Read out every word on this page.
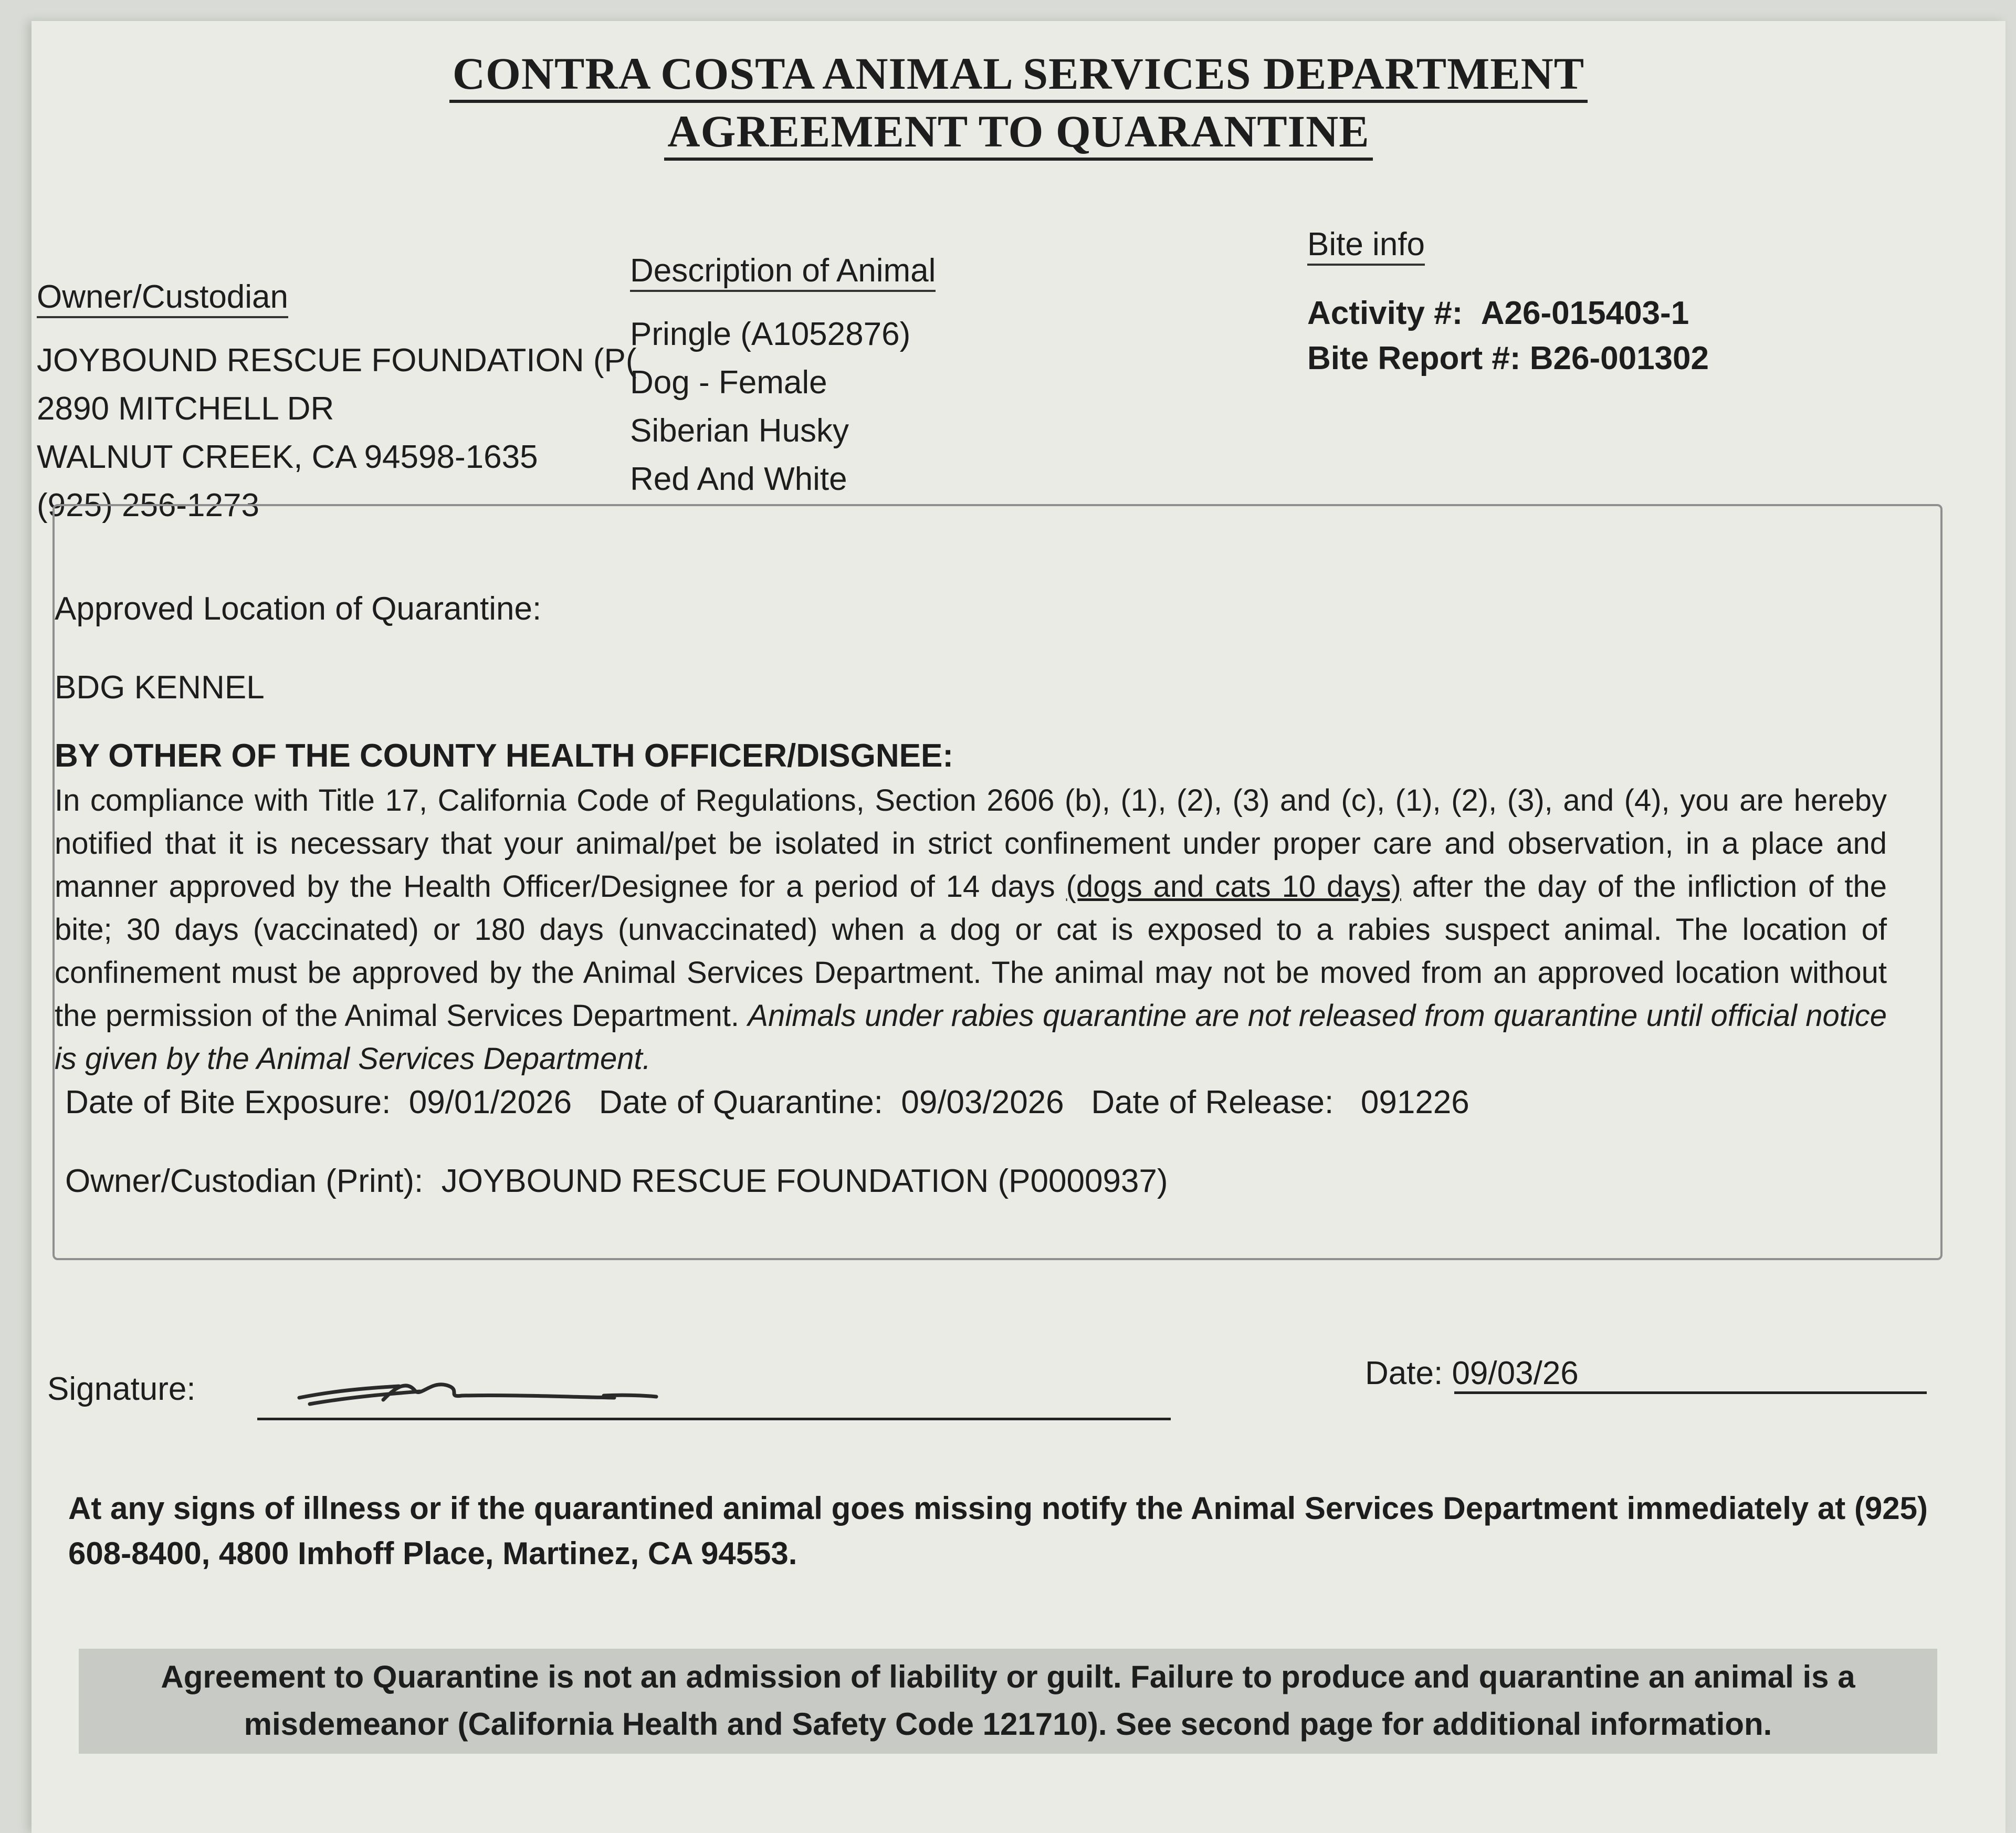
CONTRA COSTA ANIMAL SERVICES DEPARTMENT
AGREEMENT TO QUARANTINE
Owner/Custodian
JOYBOUND RESCUE FOUNDATION (P(
2890 MITCHELL DR
WALNUT CREEK, CA 94598-1635
(925) 256-1273
Description of Animal
Pringle (A1052876)
Dog - Female
Siberian Husky
Red And White
Bite info
Activity #: A26-015403-1
Bite Report #: B26-001302
Approved Location of Quarantine:
BDG KENNEL
BY OTHER OF THE COUNTY HEALTH OFFICER/DISGNEE:
In compliance with Title 17, California Code of Regulations, Section 2606 (b), (1), (2), (3) and (c), (1), (2), (3), and (4), you are hereby notified that it is necessary that your animal/pet be isolated in strict confinement under proper care and observation, in a place and manner approved by the Health Officer/Designee for a period of 14 days (dogs and cats 10 days) after the day of the infliction of the bite; 30 days (vaccinated) or 180 days (unvaccinated) when a dog or cat is exposed to a rabies suspect animal. The location of confinement must be approved by the Animal Services Department. The animal may not be moved from an approved location without the permission of the Animal Services Department. Animals under rabies quarantine are not released from quarantine until official notice is given by the Animal Services Department.
Date of Bite Exposure: 09/01/2026 Date of Quarantine: 09/03/2026 Date of Release: 091226
Owner/Custodian (Print): JOYBOUND RESCUE FOUNDATION (P0000937)
Signature:	Date: 09/03/26
At any signs of illness or if the quarantined animal goes missing notify the Animal Services Department immediately at (925) 608-8400, 4800 Imhoff Place, Martinez, CA 94553.
Agreement to Quarantine is not an admission of liability or guilt. Failure to produce and quarantine an animal is a
misdemeanor (California Health and Safety Code 121710). See second page for additional information.
